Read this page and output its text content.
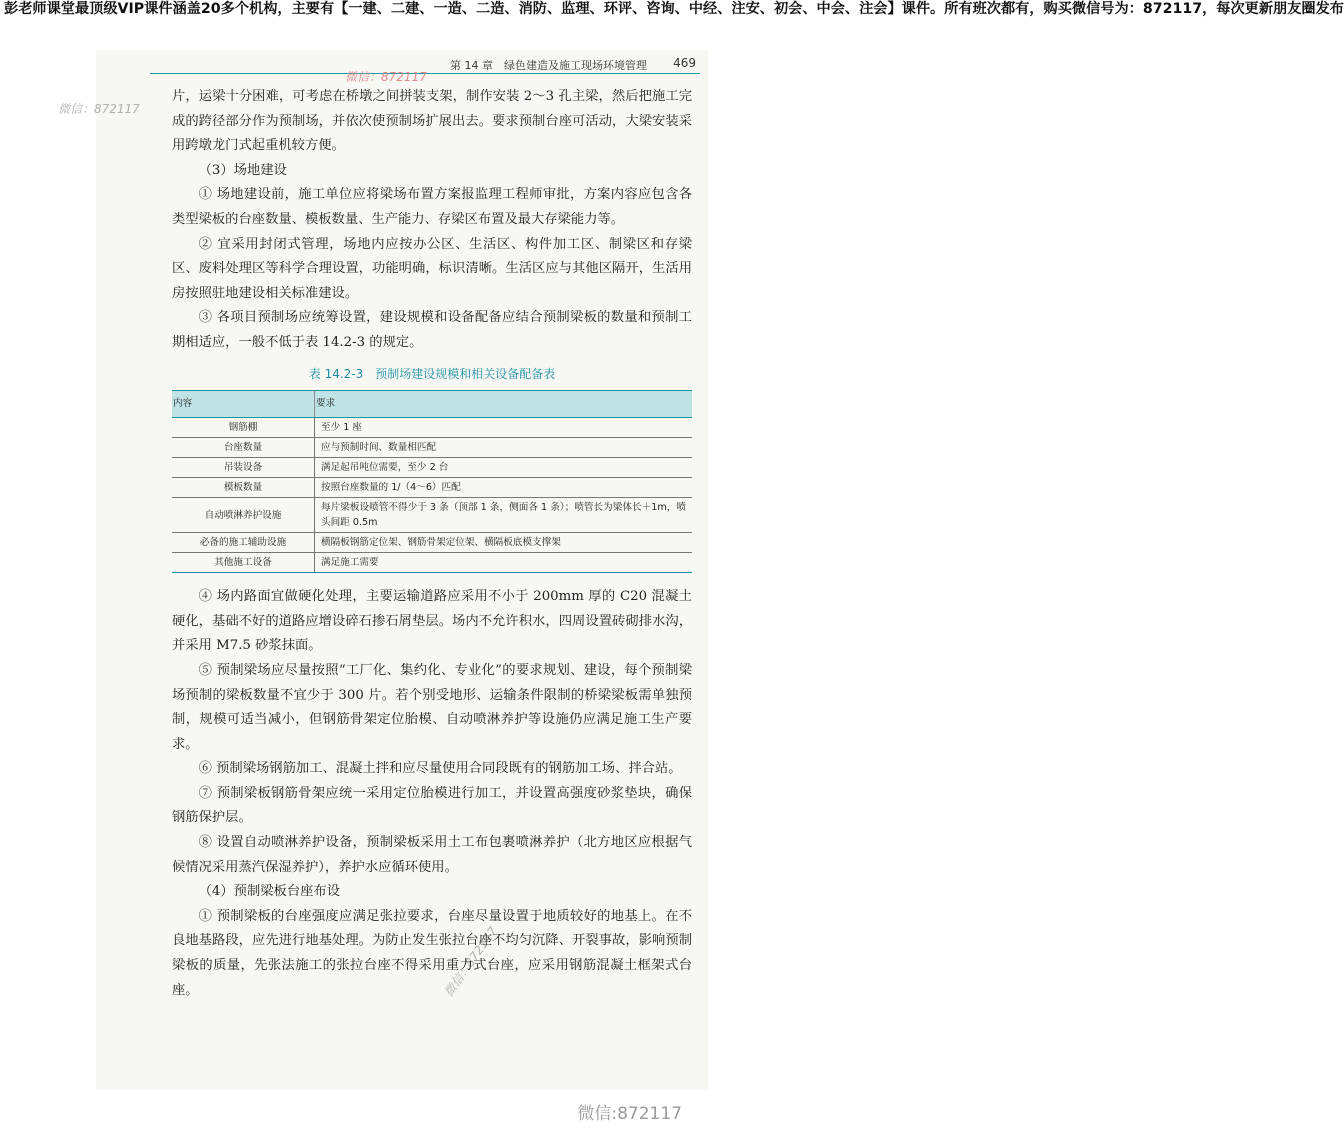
彭老师课堂最顶级VIP课件涵盖20多个机构，主要有【一建、二建、一造、二造、消防、监理、环评、咨询、中经、注安、初会、中会、注会】课件。所有班次都有，购买微信号为：872117，每次更新朋友圈发布
第 14 章　绿色建造及施工现场环境管理 469
微信：872117
微信：872117
微信：872117

片，运梁十分困难，可考虑在桥墩之间拼装支架，制作安装 2～3 孔主梁，然后把施工完成的跨径部分作为预制场，并依次使预制场扩展出去。要求预制台座可活动，大梁安装采用跨墩龙门式起重机较方便。

（3）场地建设

① 场地建设前，施工单位应将梁场布置方案报监理工程师审批，方案内容应包含各类型梁板的台座数量、模板数量、生产能力、存梁区布置及最大存梁能力等。

② 宜采用封闭式管理，场地内应按办公区、生活区、构件加工区、制梁区和存梁区、废料处理区等科学合理设置，功能明确，标识清晰。生活区应与其他区隔开，生活用房按照驻地建设相关标准建设。

③ 各项目预制场应统筹设置，建设规模和设备配备应结合预制梁板的数量和预制工期相适应，一般不低于表 14.2-3 的规定。

表 14.2-3　预制场建设规模和相关设备配备表
内容	要求
钢筋棚	至少 1 座
台座数量	应与预制时间、数量相匹配
吊装设备	满足起吊吨位需要，至少 2 台
模板数量	按照台座数量的 1/（4～6）匹配
自动喷淋养护设施	每片梁板设喷管不得少于 3 条（顶部 1 条，侧面各 1 条）；喷管长为梁体长＋1m，喷头间距 0.5m
必备的施工辅助设施	横隔板钢筋定位架、钢筋骨架定位架、横隔板底模支撑架
其他施工设备	满足施工需要

④ 场内路面宜做硬化处理，主要运输道路应采用不小于 200mm 厚的 C20 混凝土硬化，基础不好的道路应增设碎石掺石屑垫层。场内不允许积水，四周设置砖砌排水沟，并采用 M7.5 砂浆抹面。

⑤ 预制梁场应尽量按照“工厂化、集约化、专业化”的要求规划、建设，每个预制梁场预制的梁板数量不宜少于 300 片。若个别受地形、运输条件限制的桥梁梁板需单独预制，规模可适当减小，但钢筋骨架定位胎模、自动喷淋养护等设施仍应满足施工生产要求。

⑥ 预制梁场钢筋加工、混凝土拌和应尽量使用合同段既有的钢筋加工场、拌合站。

⑦ 预制梁板钢筋骨架应统一采用定位胎模进行加工，并设置高强度砂浆垫块，确保钢筋保护层。

⑧ 设置自动喷淋养护设备，预制梁板采用土工布包裹喷淋养护（北方地区应根据气候情况采用蒸汽保湿养护），养护水应循环使用。

（4）预制梁板台座布设

① 预制梁板的台座强度应满足张拉要求，台座尽量设置于地质较好的地基上。在不良地基路段，应先进行地基处理。为防止发生张拉台座不均匀沉降、开裂事故，影响预制梁板的质量，先张法施工的张拉台座不得采用重力式台座，应采用钢筋混凝土框架式台座。

微信:872117
